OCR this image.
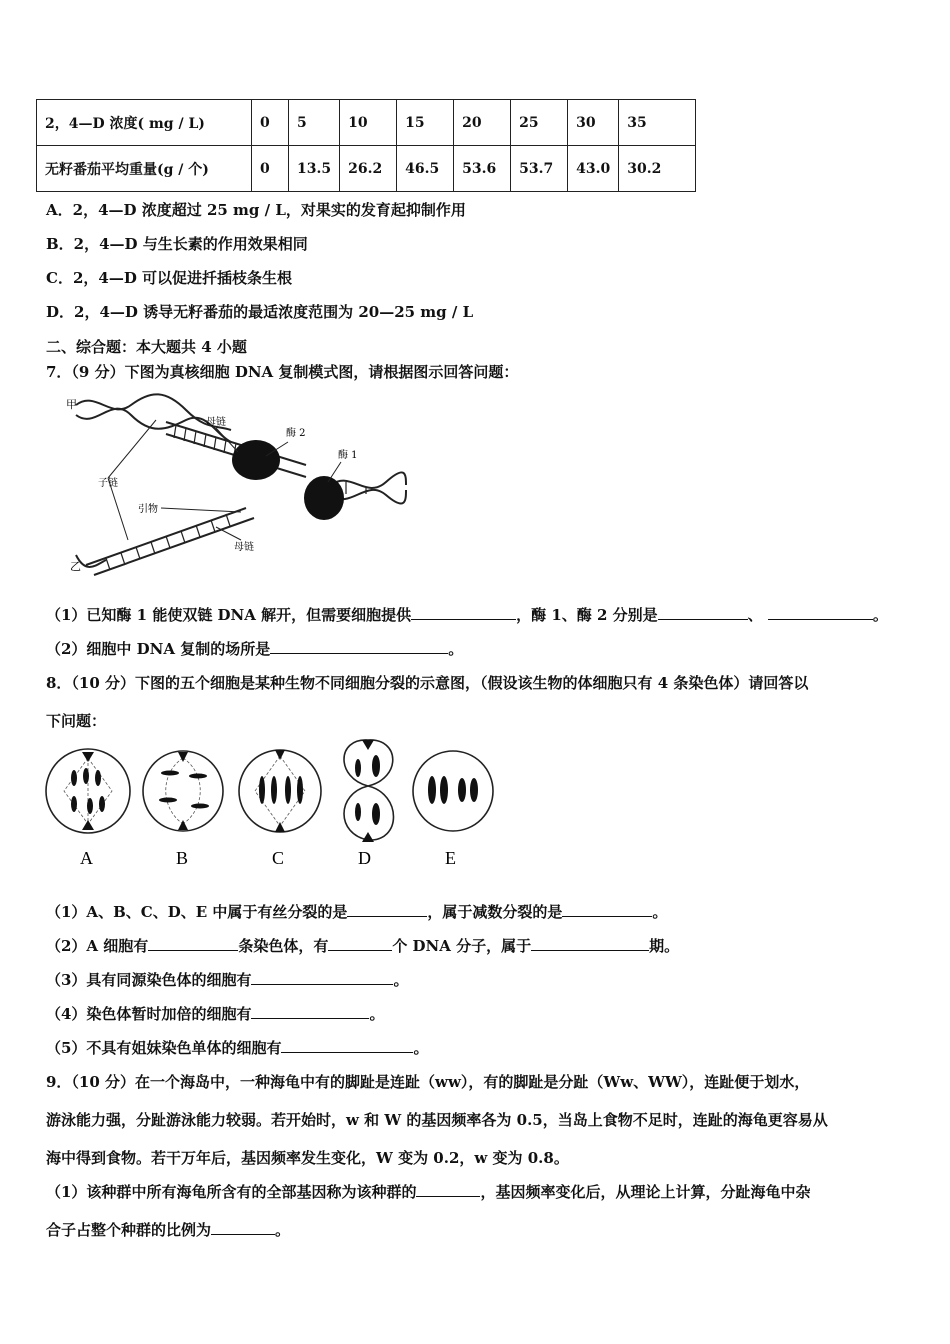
2，4—D 浓度( mg / L)	0	5	10	15	20	25	30	35
无籽番茄平均重量(g / 个)	0	13.5	26.2	46.5	53.6	53.7	43.0	30.2
A．2，4—D 浓度超过 25 mg / L，对果实的发育起抑制作用
B．2，4—D 与生长素的作用效果相同
C．2，4—D 可以促进扦插枝条生根
D．2，4—D 诱导无籽番茄的最适浓度范围为 20—25 mg / L
二、综合题：本大题共 4 小题
7．（9 分）下图为真核细胞 DNA 复制模式图，请根据图示回答问题：
甲
乙
母链
酶 2
酶 1
子链
引物
母链
（1）已知酶 1 能使双链 DNA 解开，但需要细胞提供	，酶 1、酶 2 分别是	、	。
（2）细胞中 DNA 复制的场所是	。
8．（10 分）下图的五个细胞是某种生物不同细胞分裂的示意图，（假设该生物的体细胞只有 4 条染色体）请回答以
下问题：
A	B	C	D	E
（1）A、B、C、D、E 中属于有丝分裂的是	，属于减数分裂的是	。
（2）A 细胞有	条染色体，有	个 DNA 分子，属于	期。
（3）具有同源染色体的细胞有	。
（4）染色体暂时加倍的细胞有	。
（5）不具有姐妹染色单体的细胞有	。
9．（10 分）在一个海岛中，一种海龟中有的脚趾是连趾（ww），有的脚趾是分趾（Ww、WW），连趾便于划水，
游泳能力强，分趾游泳能力较弱。若开始时，w 和 W 的基因频率各为 0.5，当岛上食物不足时，连趾的海龟更容易从
海中得到食物。若干万年后，基因频率发生变化，W 变为 0.2，w 变为 0.8。
（1）该种群中所有海龟所含有的全部基因称为该种群的	，基因频率变化后，从理论上计算，分趾海龟中杂
合子占整个种群的比例为	。
